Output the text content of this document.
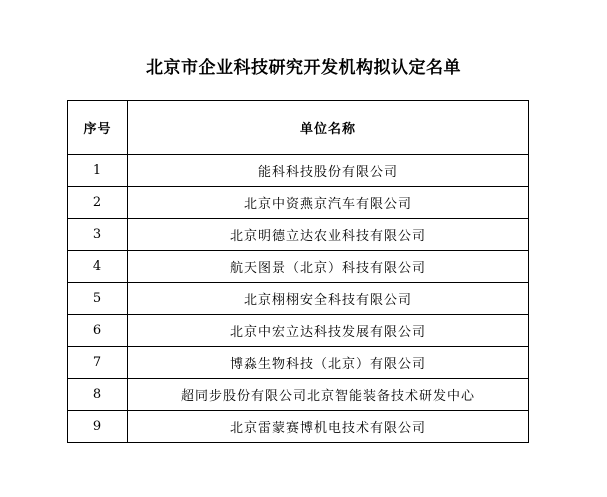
北京市企业科技研究开发机构拟认定名单
序号	单位名称
1	能科科技股份有限公司
2	北京中资燕京汽车有限公司
3	北京明德立达农业科技有限公司
4	航天图景（北京）科技有限公司
5	北京栩栩安全科技有限公司
6	北京中宏立达科技发展有限公司
7	博淼生物科技（北京）有限公司
8	超同步股份有限公司北京智能装备技术研发中心
9	北京雷蒙赛博机电技术有限公司
